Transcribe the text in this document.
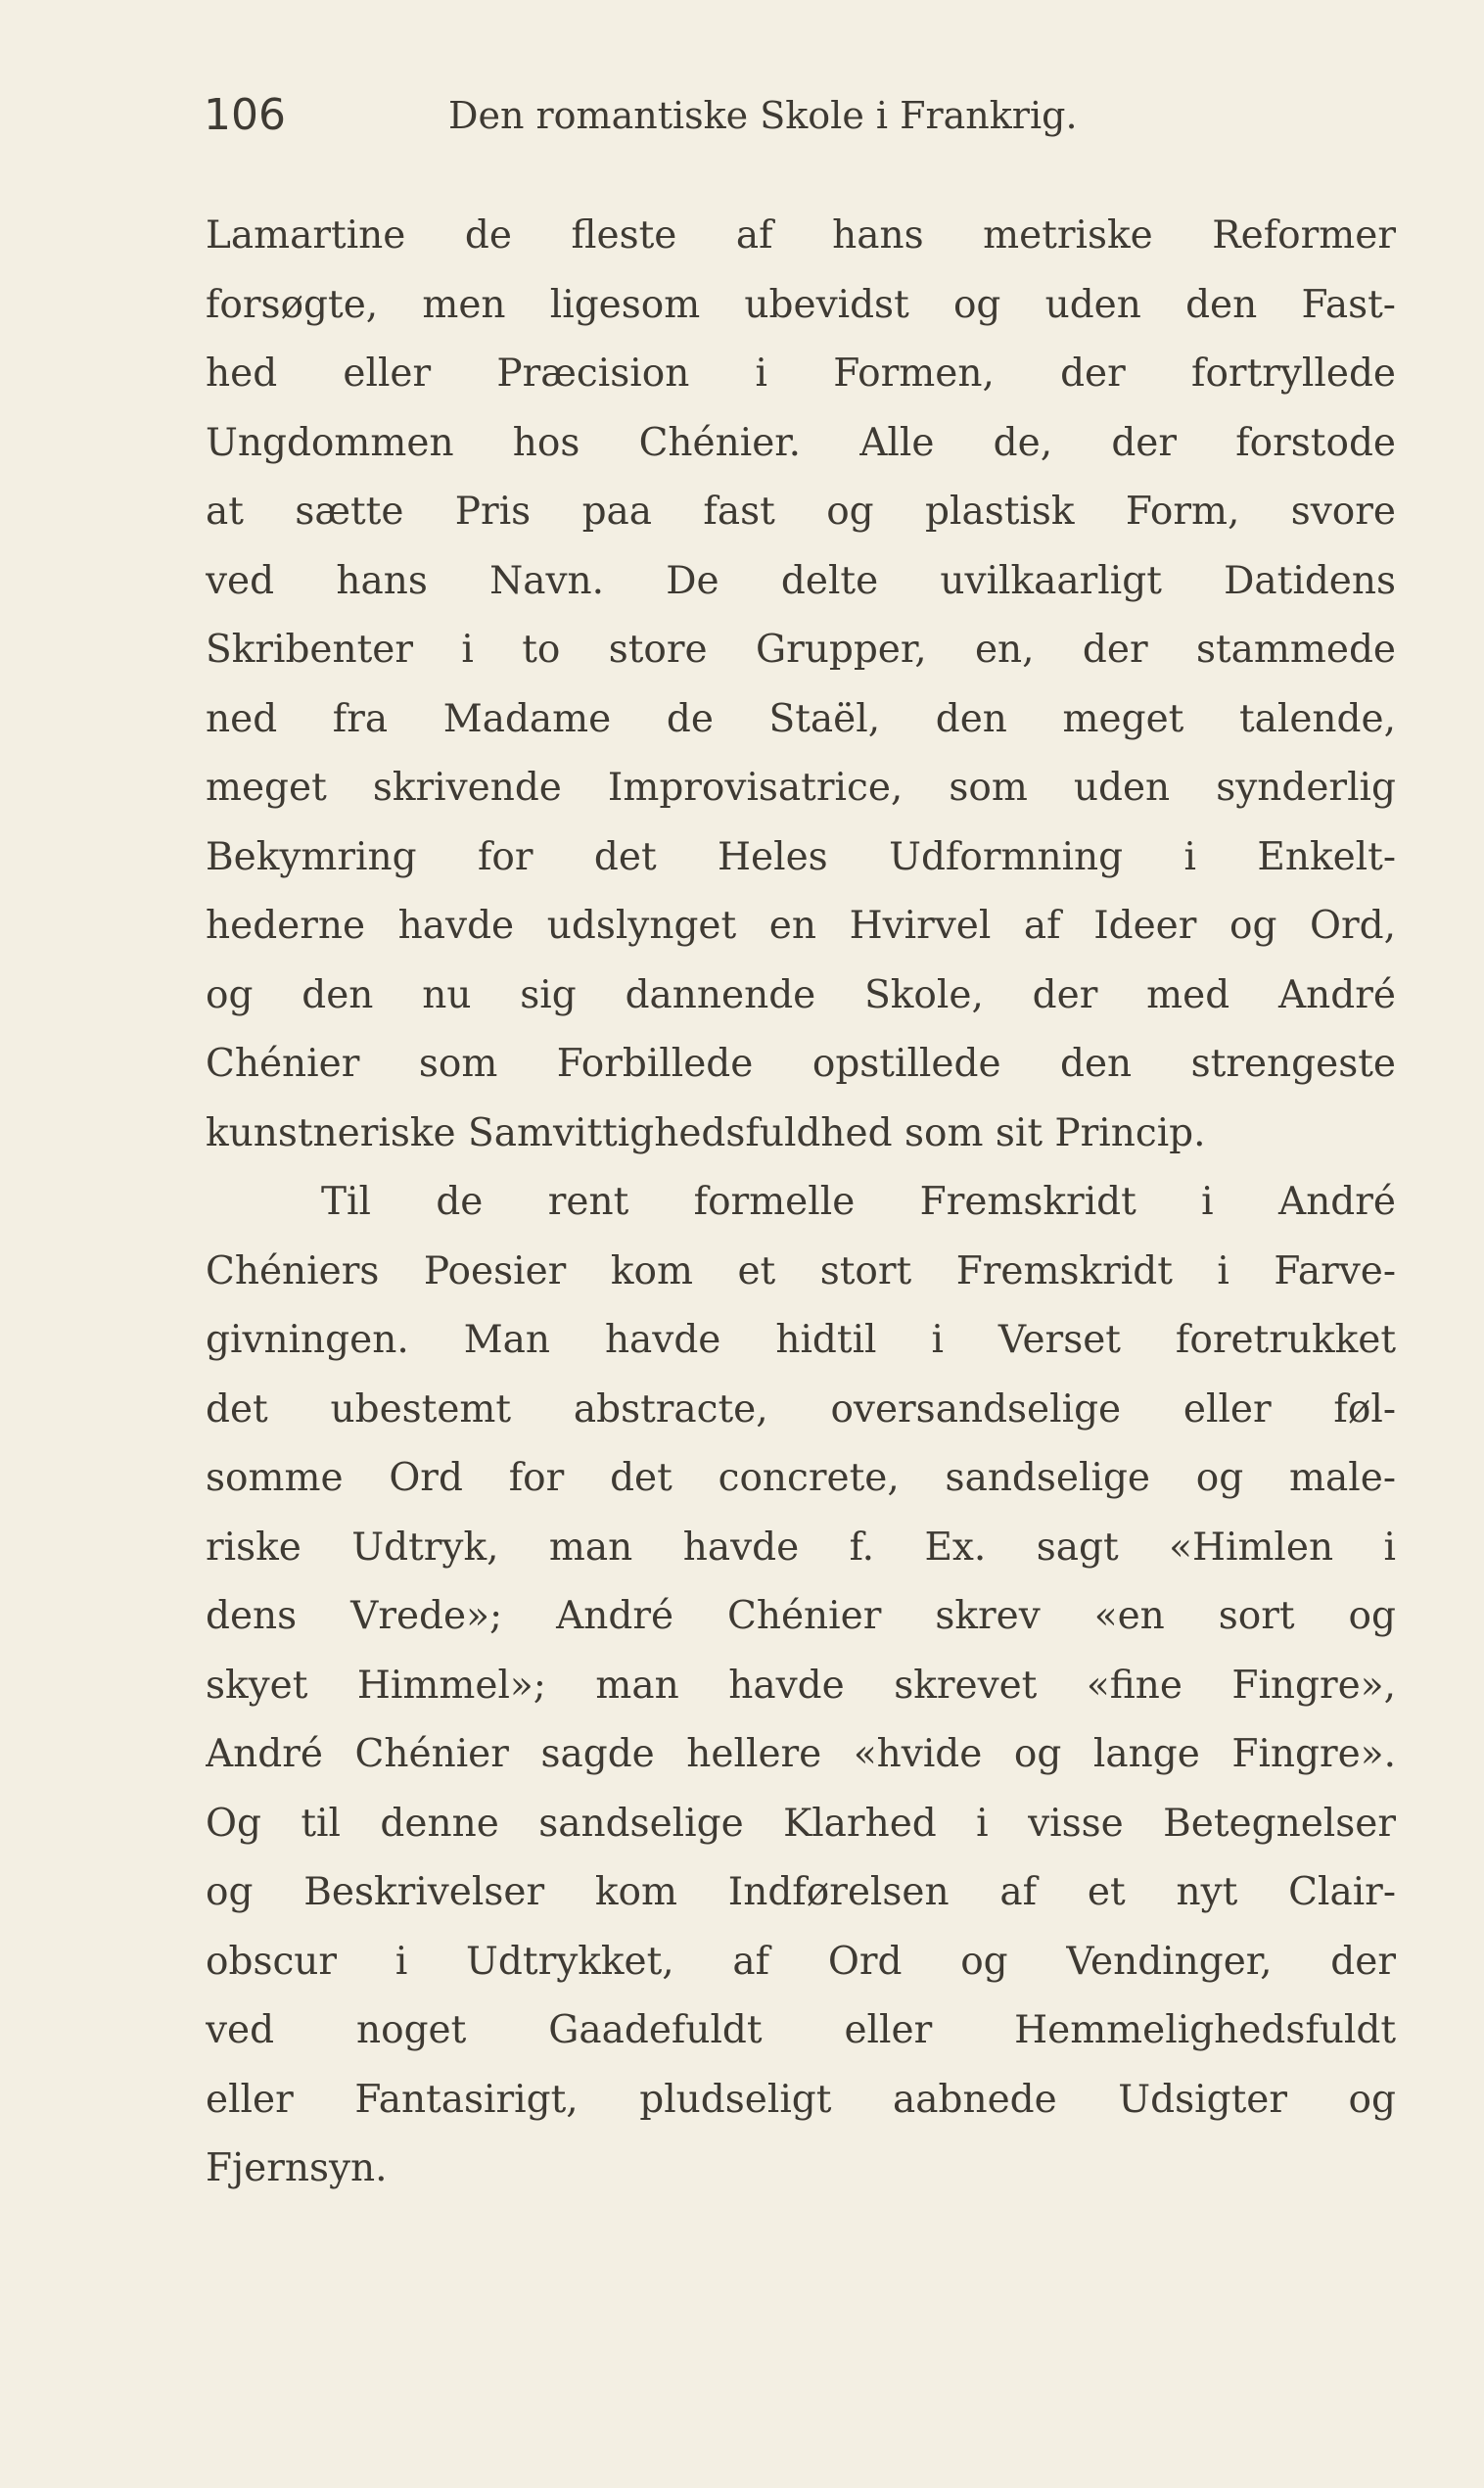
106	Den romantiske Skole i Frankrig.
Lamartine de fleste af hans metriske Reformer
forsøgte, men ligesom ubevidst og uden den Fast-
hed eller Præcision i Formen, der fortryllede
Ungdommen hos Chénier. Alle de, der forstode
at sætte Pris paa fast og plastisk Form, svore
ved hans Navn. De delte uvilkaarligt Datidens
Skribenter i to store Grupper, en, der stammede
ned fra Madame de Staël, den meget talende,
meget skrivende Improvisatrice, som uden synderlig
Bekymring for det Heles Udformning i Enkelt-
hederne havde udslynget en Hvirvel af Ideer og Ord,
og den nu sig dannende Skole, der med André
Chénier som Forbillede opstillede den strengeste
kunstneriske Samvittighedsfuldhed som sit Princip.
Til de rent formelle Fremskridt i André
Chéniers Poesier kom et stort Fremskridt i Farve-
givningen. Man havde hidtil i Verset foretrukket
det ubestemt abstracte, oversandselige eller føl-
somme Ord for det concrete, sandselige og male-
riske Udtryk, man havde f. Ex. sagt «Himlen i
dens Vrede»; André Chénier skrev «en sort og
skyet Himmel»; man havde skrevet «fine Fingre»,
André Chénier sagde hellere «hvide og lange Fingre».
Og til denne sandselige Klarhed i visse Betegnelser
og Beskrivelser kom Indførelsen af et nyt Clair-
obscur i Udtrykket, af Ord og Vendinger, der
ved noget Gaadefuldt eller Hemmelighedsfuldt
eller Fantasirigt, pludseligt aabnede Udsigter og
Fjernsyn.
